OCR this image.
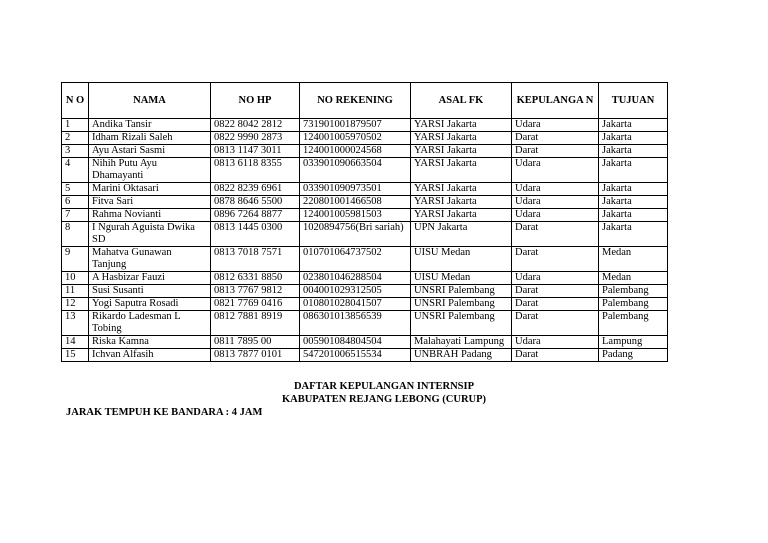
N O	NAMA	NO HP	NO REKENING	ASAL FK	KEPULANGA N	TUJUAN
1	Andika Tansir	0822 8042 2812	731901001879507	YARSI Jakarta	Udara	Jakarta
2	Idham Rizali Saleh	0822 9990 2873	124001005970502	YARSI Jakarta	Darat	Jakarta
3	Ayu Astari Sasmi	0813 1147 3011	124001000024568	YARSI Jakarta	Darat	Jakarta
4	Nihih Putu Ayu Dhamayanti	0813 6118 8355	033901090663504	YARSI Jakarta	Udara	Jakarta
5	Marini Oktasari	0822 8239 6961	033901090973501	YARSI Jakarta	Udara	Jakarta
6	Fitva Sari	0878 8646 5500	220801001466508	YARSI Jakarta	Udara	Jakarta
7	Rahma Novianti	0896 7264 8877	124001005981503	YARSI Jakarta	Udara	Jakarta
8	I Ngurah Aguista Dwika SD	0813 1445 0300	1020894756(Bri sariah)	UPN Jakarta	Darat	Jakarta
9	Mahatva Gunawan Tanjung	0813 7018 7571	010701064737502	UISU Medan	Darat	Medan
10	A Hasbizar Fauzi	0812 6331 8850	023801046288504	UISU Medan	Udara	Medan
11	Susi Susanti	0813 7767 9812	004001029312505	UNSRI Palembang	Darat	Palembang
12	Yogi Saputra Rosadi	0821 7769 0416	010801028041507	UNSRI Palembang	Darat	Palembang
13	Rikardo Ladesman L Tobing	0812 7881 8919	086301013856539	UNSRI Palembang	Darat	Palembang
14	Riska Kamna	0811 7895 00	005901084804504	Malahayati Lampung	Udara	Lampung
15	Ichvan Alfasih	0813 7877 0101	547201006515534	UNBRAH Padang	Darat	Padang
DAFTAR KEPULANGAN INTERNSIP
KABUPATEN REJANG LEBONG (CURUP)
JARAK TEMPUH KE BANDARA : 4 JAM
